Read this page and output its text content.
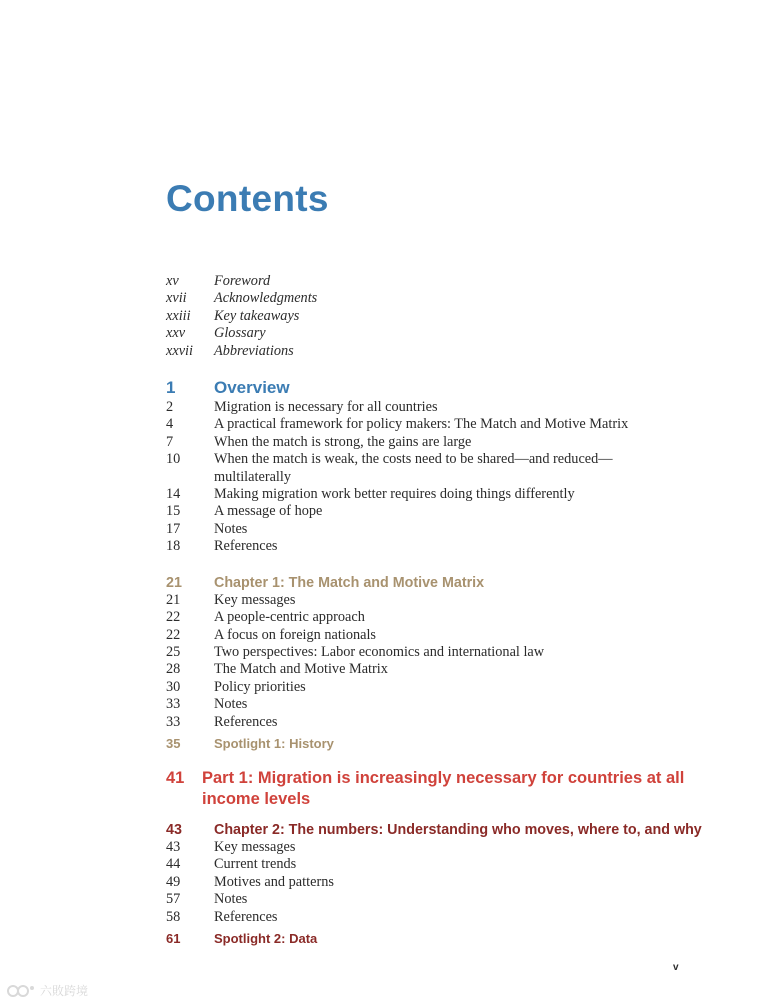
Contents
xv	Foreword
xvii	Acknowledgments
xxiii	Key takeaways
xxv	Glossary
xxvii	Abbreviations
1	Overview
2	Migration is necessary for all countries
4	A practical framework for policy makers: The Match and Motive Matrix
7	When the match is strong, the gains are large
10	When the match is weak, the costs need to be shared—and reduced—multilaterally
14	Making migration work better requires doing things differently
15	A message of hope
17	Notes
18	References
21	Chapter 1: The Match and Motive Matrix
21	Key messages
22	A people-centric approach
22	A focus on foreign nationals
25	Two perspectives: Labor economics and international law
28	The Match and Motive Matrix
30	Policy priorities
33	Notes
33	References
35	Spotlight 1: History
41	Part 1: Migration is increasingly necessary for countries at all
income levels
43	Chapter 2: The numbers: Understanding who moves, where to, and why
43	Key messages
44	Current trends
49	Motives and patterns
57	Notes
58	References
61	Spotlight 2: Data
v
六敗跨境
